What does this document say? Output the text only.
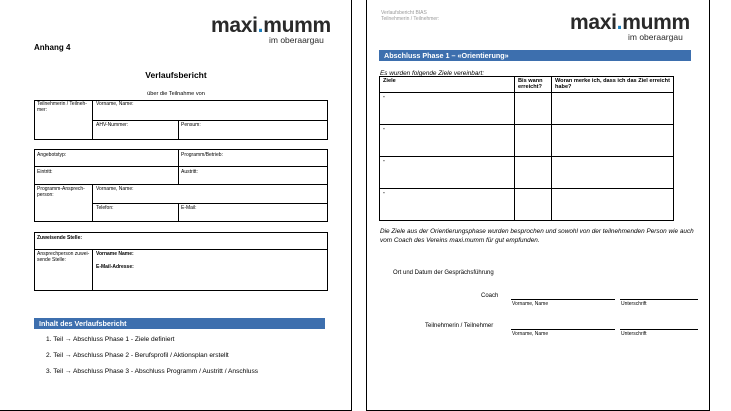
maxi.mumm
im oberaargau
Anhang 4
Verlaufsbericht
über die Teilnahme von
Teilnehmerin / Teilneh-mer:
Vorname, Name:
AHV-Nummer:	Pensum:
Angebotstyp:	Programm/Betrieb:
Eintritt:	Austritt:
Programm-Ansprech-person:
Vorname, Name:
Telefon:	E-Mail:
Zuweisende Stelle:
Ansprechperson zuwei-sende Stelle:
Vorname Name:
E-Mail-Adresse:
Inhalt des Verlaufsbericht
1. Teil → Abschluss Phase 1 - Ziele definiert
2. Teil → Abschluss Phase 2 - Berufsprofil / Aktionsplan erstellt
3. Teil → Abschluss Phase 3 - Abschluss Programm / Austritt / Anschluss
Verlaufsbericht BIAS
Teilnehmerin / Teilnehmer:	maxi.mumm
im oberaargau
Abschluss Phase 1 – «Orientierung»
Es wurden folgende Ziele vereinbart:
Ziele	Bis wann erreicht?	Woran merke ich, dass ich das Ziel erreicht habe?
-		
-		
-		
-		
Die Ziele aus der Orientierungsphase wurden besprochen und sowohl von der teilnehmenden Person wie auch vom Coach des Vereins maxi.mumm für gut empfunden.
Ort und Datum der Gesprächsführung
Coach
Vorname, Name	Unterschrift
Teilnehmerin / Teilnehmer
Vorname, Name	Unterschrift
